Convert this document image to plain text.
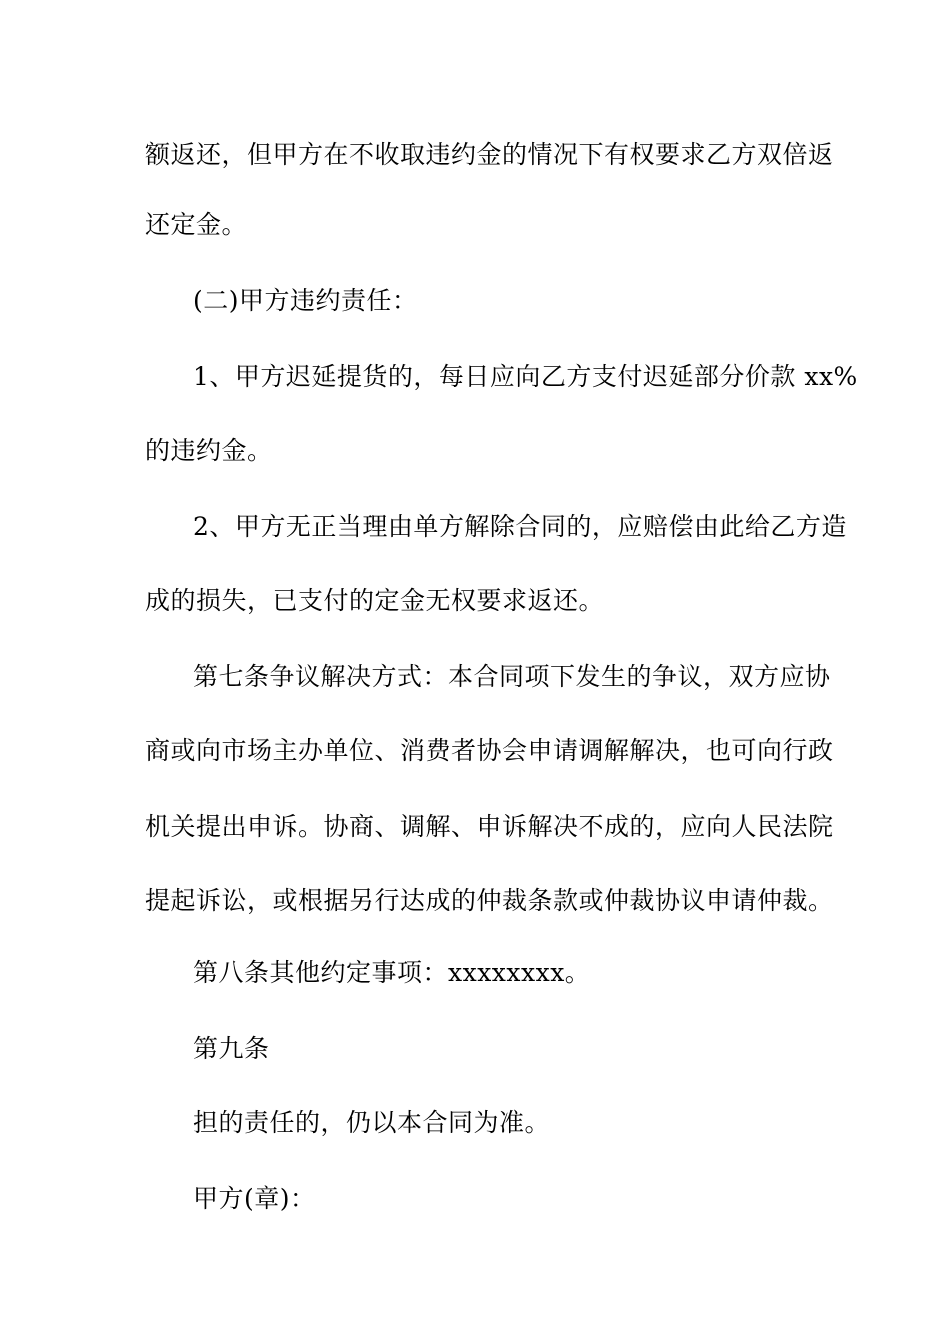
额返还，但甲方在不收取违约金的情况下有权要求乙方双倍返
还定金。
(二)甲方违约责任：
1、甲方迟延提货的，每日应向乙方支付迟延部分价款 xx%
的违约金。
2、甲方无正当理由单方解除合同的，应赔偿由此给乙方造
成的损失，已支付的定金无权要求返还。
第七条争议解决方式：本合同项下发生的争议，双方应协
商或向市场主办单位、消费者协会申请调解解决，也可向行政
机关提出申诉。协商、调解、申诉解决不成的，应向人民法院
提起诉讼，或根据另行达成的仲裁条款或仲裁协议申请仲裁。
第八条其他约定事项：xxxxxxxx。
第九条
担的责任的，仍以本合同为准。
甲方(章)：
